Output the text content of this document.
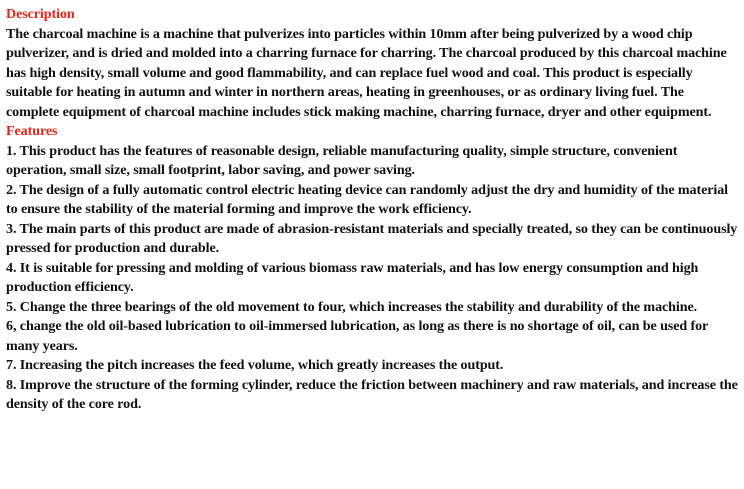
Description

The charcoal machine is a machine that pulverizes into particles within 10mm after being pulverized by a wood chip pulverizer, and is dried and molded into a charring furnace for charring. The charcoal produced by this charcoal machine has high density, small volume and good flammability, and can replace fuel wood and coal. This product is especially suitable for heating in autumn and winter in northern areas, heating in greenhouses, or as ordinary living fuel. The complete equipment of charcoal machine includes stick making machine, charring furnace, dryer and other equipment.

Features

1. This product has the features of reasonable design, reliable manufacturing quality, simple structure, convenient operation, small size, small footprint, labor saving, and power saving.

2. The design of a fully automatic control electric heating device can randomly adjust the dry and humidity of the material to ensure the stability of the material forming and improve the work efficiency.

3. The main parts of this product are made of abrasion-resistant materials and specially treated, so they can be continuously pressed for production and durable.

4. It is suitable for pressing and molding of various biomass raw materials, and has low energy consumption and high production efficiency.

5. Change the three bearings of the old movement to four, which increases the stability and durability of the machine.

6, change the old oil-based lubrication to oil-immersed lubrication, as long as there is no shortage of oil, can be used for many years.

7. Increasing the pitch increases the feed volume, which greatly increases the output.

8. Improve the structure of the forming cylinder, reduce the friction between machinery and raw materials, and increase the density of the core rod.
